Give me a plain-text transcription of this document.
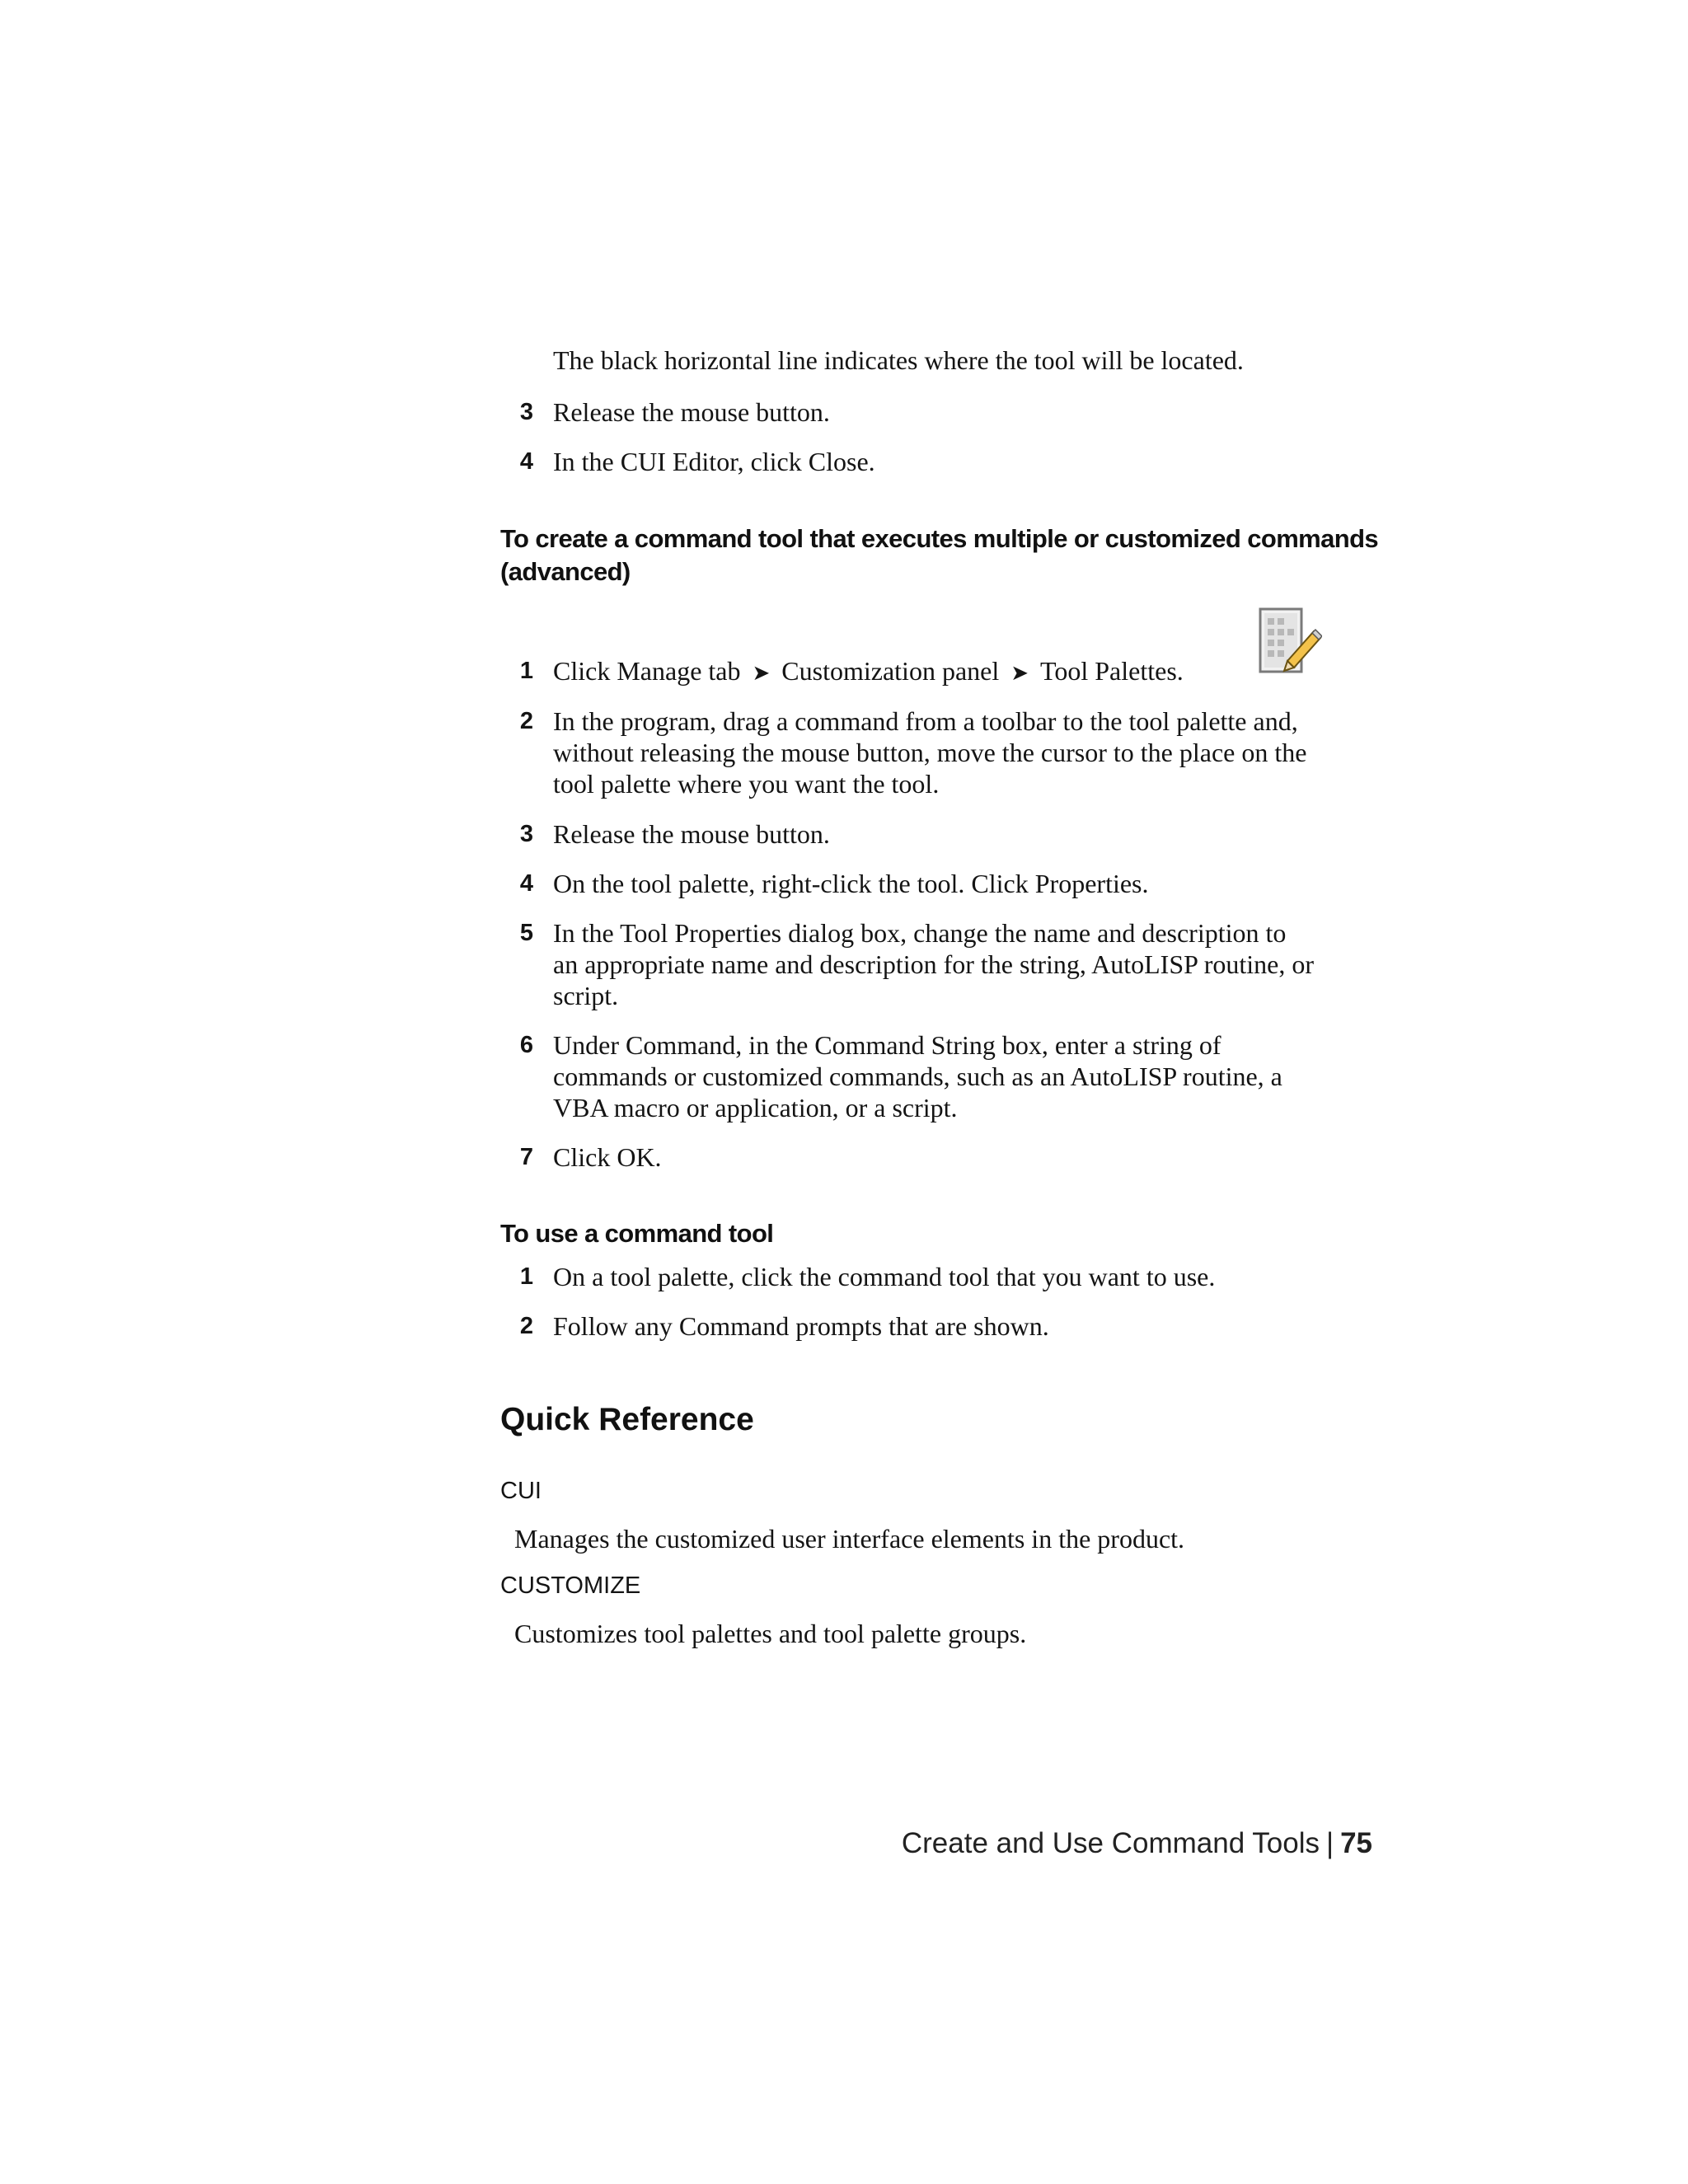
The black horizontal line indicates where the tool will be located.
3 Release the mouse button.
4 In the CUI Editor, click Close.
To create a command tool that executes multiple or customized commands
(advanced)
1 Click Manage tab ➤ Customization panel ➤ Tool Palettes.
2 In the program, drag a command from a toolbar to the tool palette and,
without releasing the mouse button, move the cursor to the place on the
tool palette where you want the tool.
3 Release the mouse button.
4 On the tool palette, right-click the tool. Click Properties.
5 In the Tool Properties dialog box, change the name and description to
an appropriate name and description for the string, AutoLISP routine, or
script.
6 Under Command, in the Command String box, enter a string of
commands or customized commands, such as an AutoLISP routine, a
VBA macro or application, or a script.
7 Click OK.
To use a command tool
1 On a tool palette, click the command tool that you want to use.
2 Follow any Command prompts that are shown.
Quick Reference
CUI
Manages the customized user interface elements in the product.
CUSTOMIZE
Customizes tool palettes and tool palette groups.
Create and Use Command Tools | 75
